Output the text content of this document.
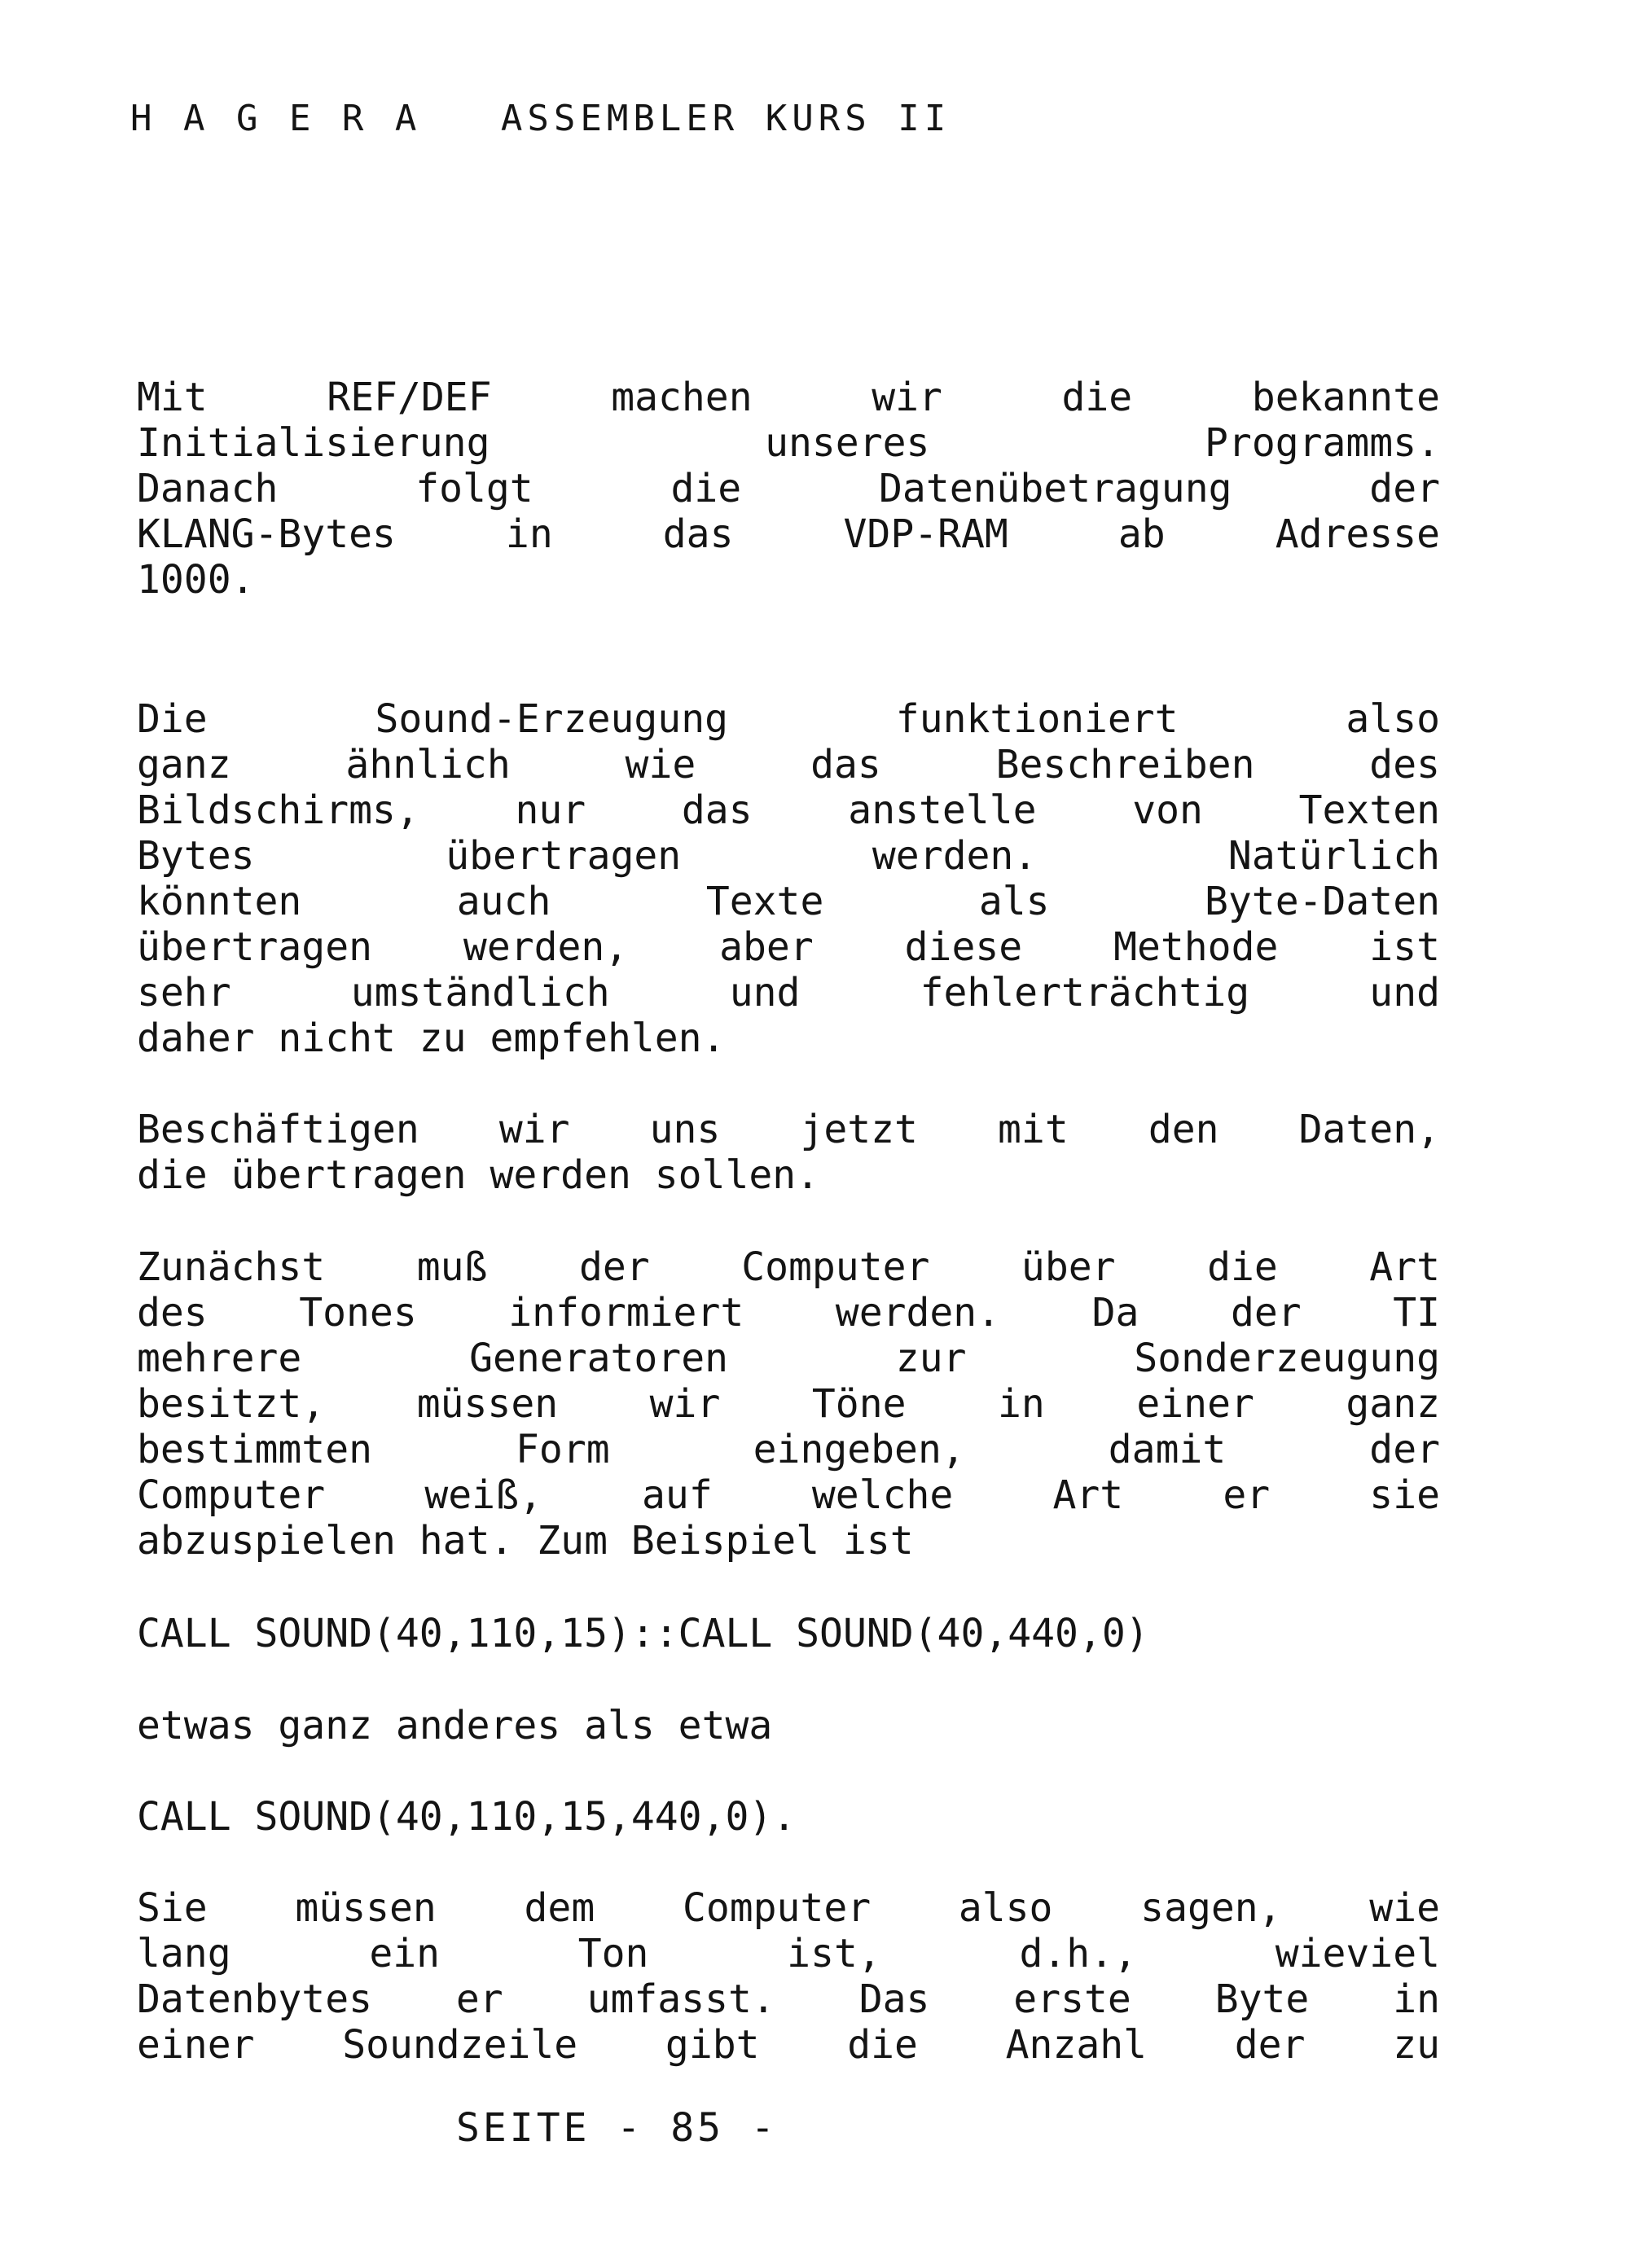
H A G E R A   ASSEMBLER KURS II
Mit REF/DEF machen wir die bekannte
Initialisierung unseres Programms.
Danach folgt die Datenübetragung der
KLANG-Bytes in das VDP-RAM ab Adresse
1000.
Die Sound-Erzeugung funktioniert also
ganz ähnlich wie das Beschreiben des
Bildschirms, nur das anstelle von Texten
Bytes übertragen werden. Natürlich
könnten auch Texte als Byte-Daten
übertragen werden, aber diese Methode ist
sehr umständlich und fehlerträchtig und
daher nicht zu empfehlen.
Beschäftigen wir uns jetzt mit den Daten,
die übertragen werden sollen.
Zunächst muß der Computer über die Art
des Tones informiert werden. Da der TI
mehrere Generatoren zur Sonderzeugung
besitzt, müssen wir Töne in einer ganz
bestimmten Form eingeben, damit der
Computer weiß, auf welche Art er sie
abzuspielen hat. Zum Beispiel ist
CALL SOUND(40,110,15)::CALL SOUND(40,440,0)
etwas ganz anderes als etwa
CALL SOUND(40,110,15,440,0).
Sie müssen dem Computer also sagen, wie
lang ein Ton ist, d.h., wieviel
Datenbytes er umfasst. Das erste Byte in
einer Soundzeile gibt die Anzahl der zu
SEITE - 85 -
